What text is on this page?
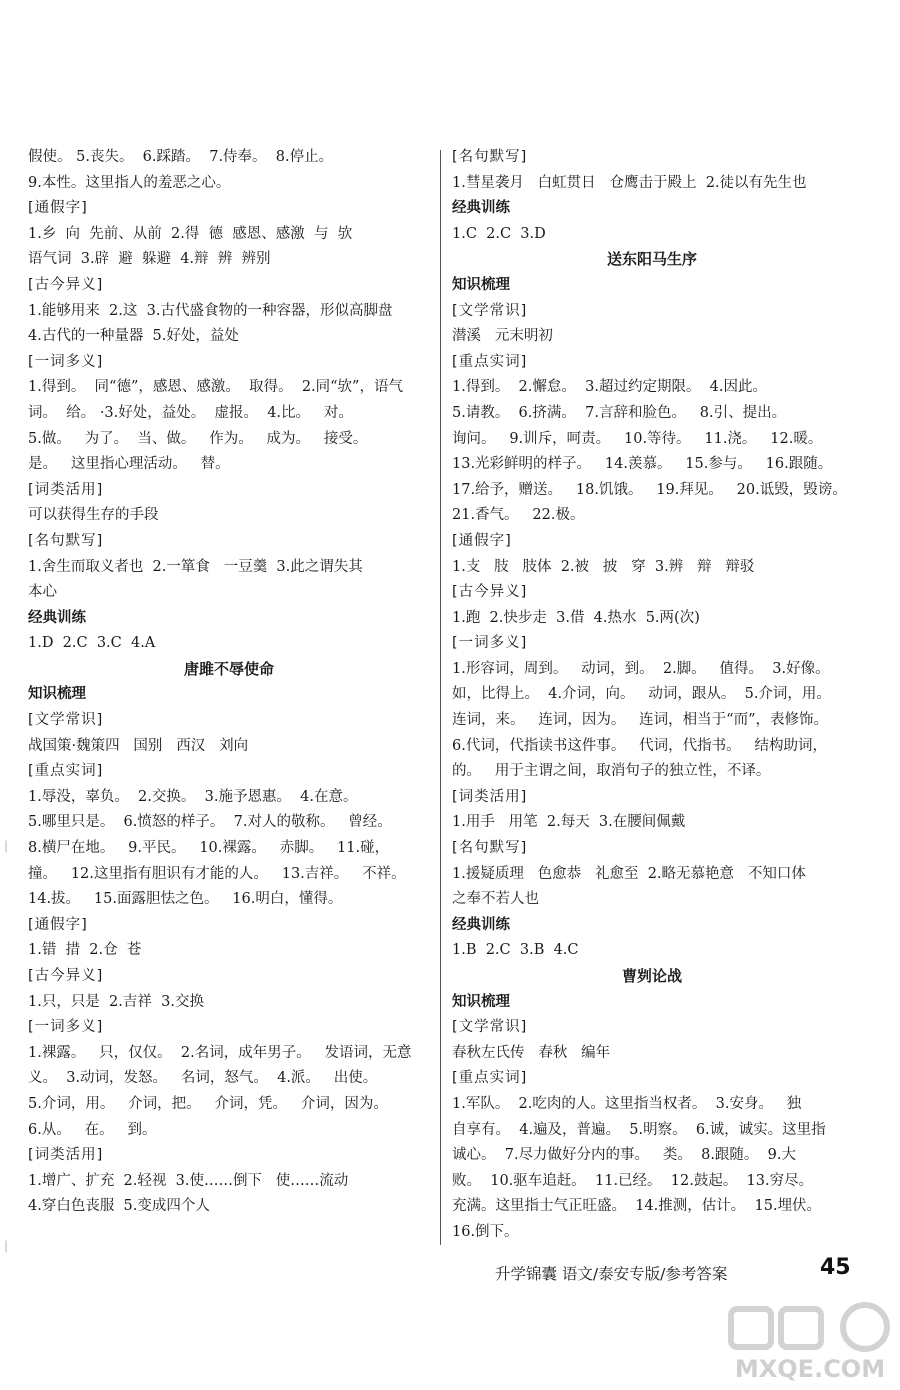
｜
｜
假使。 5.丧失。  6.踩踏。  7.侍奉。  8.停止。
9.本性。这里指人的羞恶之心。
[通假字]
1.乡  向  先前、从前  2.得  德  感恩、感激  与  欤
语气词  3.辟  避  躲避  4.辩  辨  辨别
[古今异义]
1.能够用来  2.这  3.古代盛食物的一种容器，形似高脚盘
4.古代的一种量器  5.好处，益处
[一词多义]
1.得到。  同“德”，感恩、感激。  取得。  2.同“欤”，语气
词。  给。 ·3.好处，益处。  虚报。  4.比。   对。
5.做。   为了。  当、做。   作为。   成为。   接受。
是。   这里指心理活动。   替。
[词类活用]
可以获得生存的手段
[名句默写]
1.舍生而取义者也  2.一箪食   一豆羹  3.此之谓失其
本心
经典训练
1.D  2.C  3.C  4.A
唐雎不辱使命
知识梳理
[文学常识]
战国策·魏策四   国别   西汉   刘向
[重点实词]
1.辱没，辜负。  2.交换。  3.施予恩惠。  4.在意。
5.哪里只是。  6.愤怒的样子。  7.对人的敬称。   曾经。
8.横尸在地。   9.平民。   10.裸露。   赤脚。   11.碰，
撞。   12.这里指有胆识有才能的人。   13.吉祥。   不祥。
14.拔。   15.面露胆怯之色。   16.明白，懂得。
[通假字]
1.错  措  2.仓  苍
[古今异义]
1.只，只是  2.吉祥  3.交换
[一词多义]
1.裸露。   只，仅仅。  2.名词，成年男子。   发语词，无意
义。  3.动词，发怒。   名词，怒气。  4.派。   出使。
5.介词，用。   介词，把。   介词，凭。   介词，因为。
6.从。   在。   到。
[词类活用]
1.增广、扩充  2.轻视  3.使……倒下   使……流动
4.穿白色丧服  5.变成四个人
[名句默写]
1.彗星袭月   白虹贯日   仓鹰击于殿上  2.徒以有先生也
经典训练
1.C  2.C  3.D
送东阳马生序
知识梳理
[文学常识]
潜溪   元末明初
[重点实词]
1.得到。  2.懈怠。  3.超过约定期限。  4.因此。
5.请教。  6.挤满。  7.言辞和脸色。   8.引、提出。
询问。   9.训斥，呵责。   10.等待。   11.浇。   12.暖。
13.光彩鲜明的样子。   14.羡慕。   15.参与。   16.跟随。
17.给予，赠送。   18.饥饿。   19.拜见。   20.诋毁，毁谤。
21.香气。   22.极。
[通假字]
1.支   肢   肢体  2.被   披   穿  3.辨   辩   辩驳
[古今异义]
1.跑  2.快步走  3.借  4.热水  5.两(次)
[一词多义]
1.形容词，周到。   动词，到。  2.脚。   值得。  3.好像。
如，比得上。  4.介词，向。   动词，跟从。  5.介词，用。
连词，来。   连词，因为。   连词，相当于“而”，表修饰。
6.代词，代指读书这件事。   代词，代指书。   结构助词，
的。   用于主谓之间，取消句子的独立性，不译。
[词类活用]
1.用手   用笔  2.每天  3.在腰间佩戴
[名句默写]
1.援疑质理   色愈恭   礼愈至  2.略无慕艳意   不知口体
之奉不若人也
经典训练
1.B  2.C  3.B  4.C
曹刿论战
知识梳理
[文学常识]
春秋左氏传   春秋   编年
[重点实词]
1.军队。  2.吃肉的人。这里指当权者。  3.安身。   独
自享有。  4.遍及，普遍。  5.明察。  6.诚，诚实。这里指
诚心。  7.尽力做好分内的事。   类。  8.跟随。  9.大
败。  10.驱车追赶。  11.已经。  12.鼓起。  13.穷尽。
充满。这里指士气正旺盛。  14.推测，估计。  15.埋伏。
16.倒下。
升学锦囊 语文/泰安专版/参考答案	45
MXQE.COM
